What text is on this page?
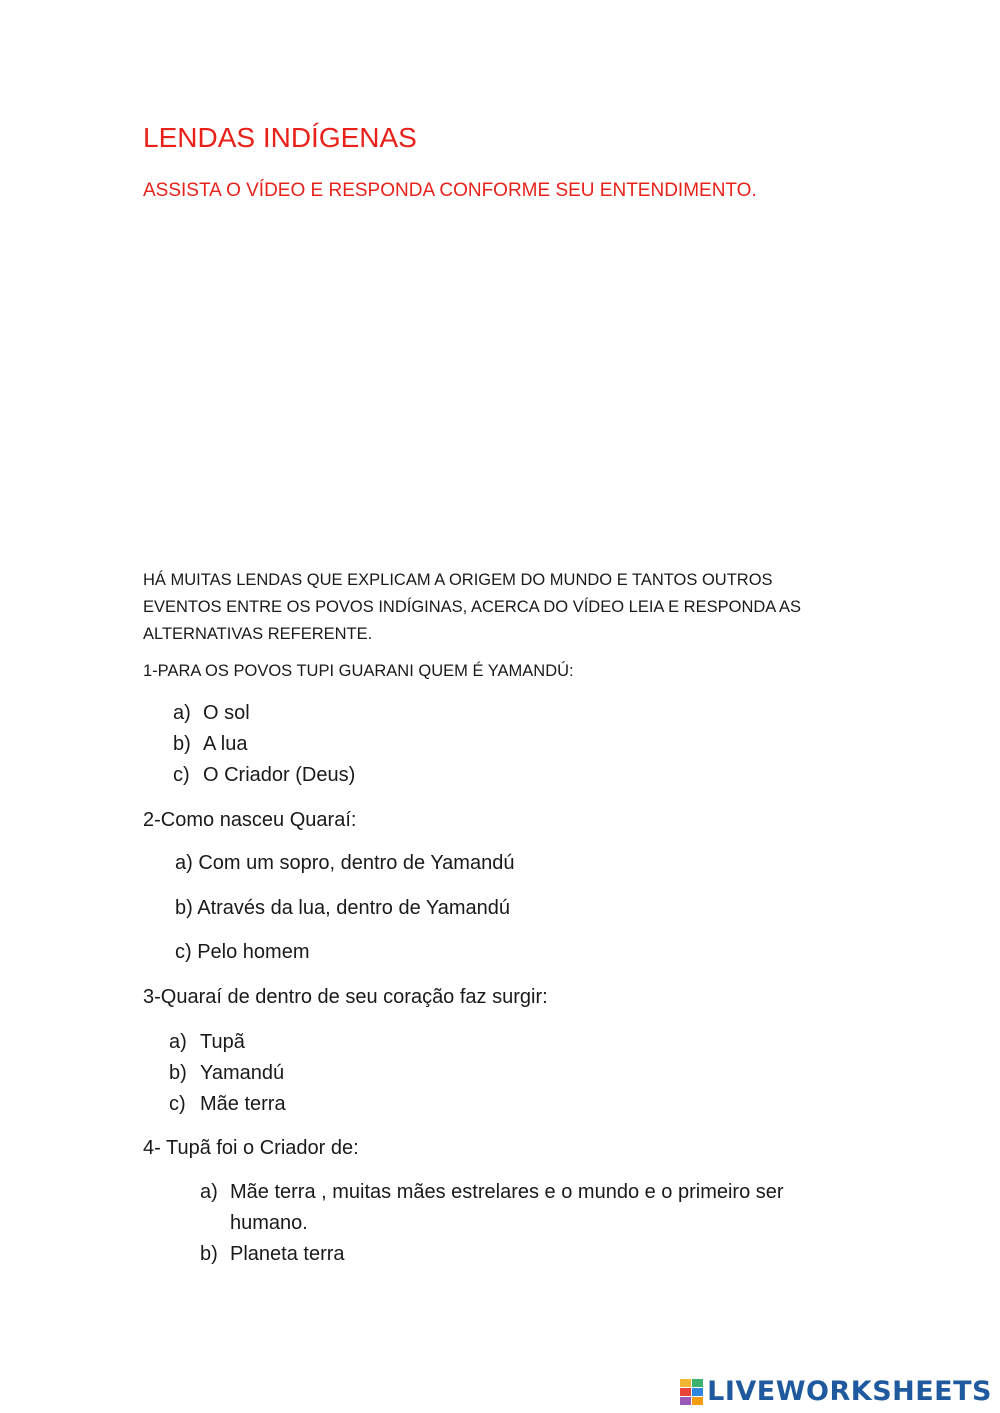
LENDAS INDÍGENAS
ASSISTA O VÍDEO E RESPONDA CONFORME SEU ENTENDIMENTO.
HÁ MUITAS LENDAS QUE EXPLICAM A ORIGEM DO MUNDO E TANTOS OUTROS EVENTOS ENTRE OS POVOS INDÍGINAS, ACERCA DO VÍDEO LEIA E RESPONDA AS ALTERNATIVAS REFERENTE.
1-PARA OS POVOS TUPI GUARANI QUEM É YAMANDÚ:
a) O sol
b) A lua
c) O Criador (Deus)
2-Como nasceu Quaraí:
a) Com um sopro, dentro de Yamandú
b) Através da lua, dentro de Yamandú
c) Pelo homem
3-Quaraí de dentro de seu coração faz surgir:
a) Tupã
b) Yamandú
c) Mãe terra
4- Tupã foi o Criador de:
a) Mãe terra , muitas mães estrelares e o mundo e o primeiro ser
humano.
b) Planeta terra
LIVEWORKSHEETS
